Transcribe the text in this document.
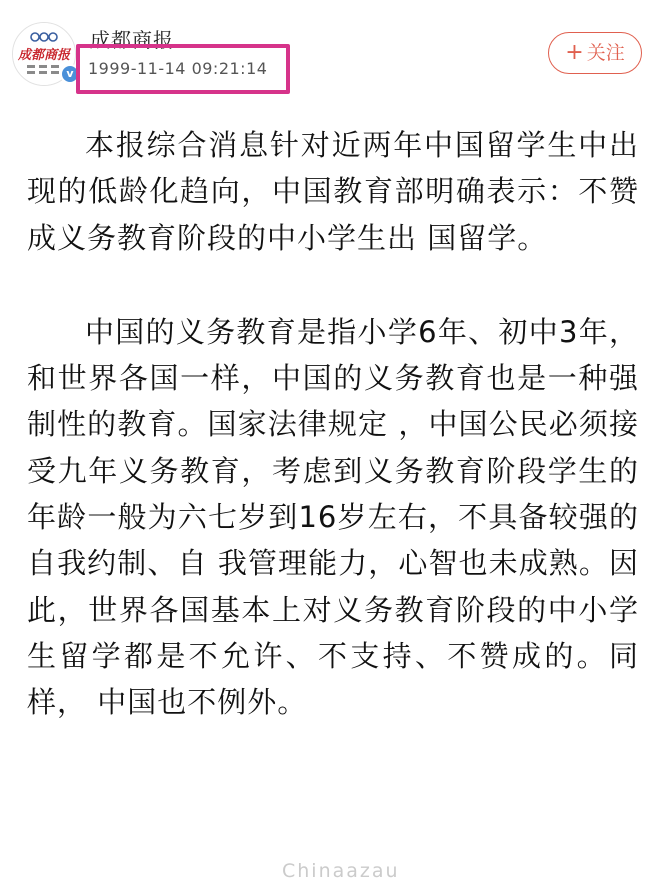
成都商报
v
成都商报
1999-11-14 09:21:14
+ 关注

本报综合消息针对近两年中国留学生中出现的低龄化趋向，中国教育部明确表示：不赞成义务教育阶段的中小学生出 国留学。

中国的义务教育是指小学6年、初中3年，和世界各国一样，中国的义务教育也是一种强制性的教育。国家法律规定 ，中国公民必须接受九年义务教育，考虑到义务教育阶段学生的年龄一般为六七岁到16岁左右，不具备较强的自我约制、自 我管理能力，心智也未成熟。因此，世界各国基本上对义务教育阶段的中小学生留学都是不允许、不支持、不赞成的。同样， 中国也不例外。

Chinaazau
